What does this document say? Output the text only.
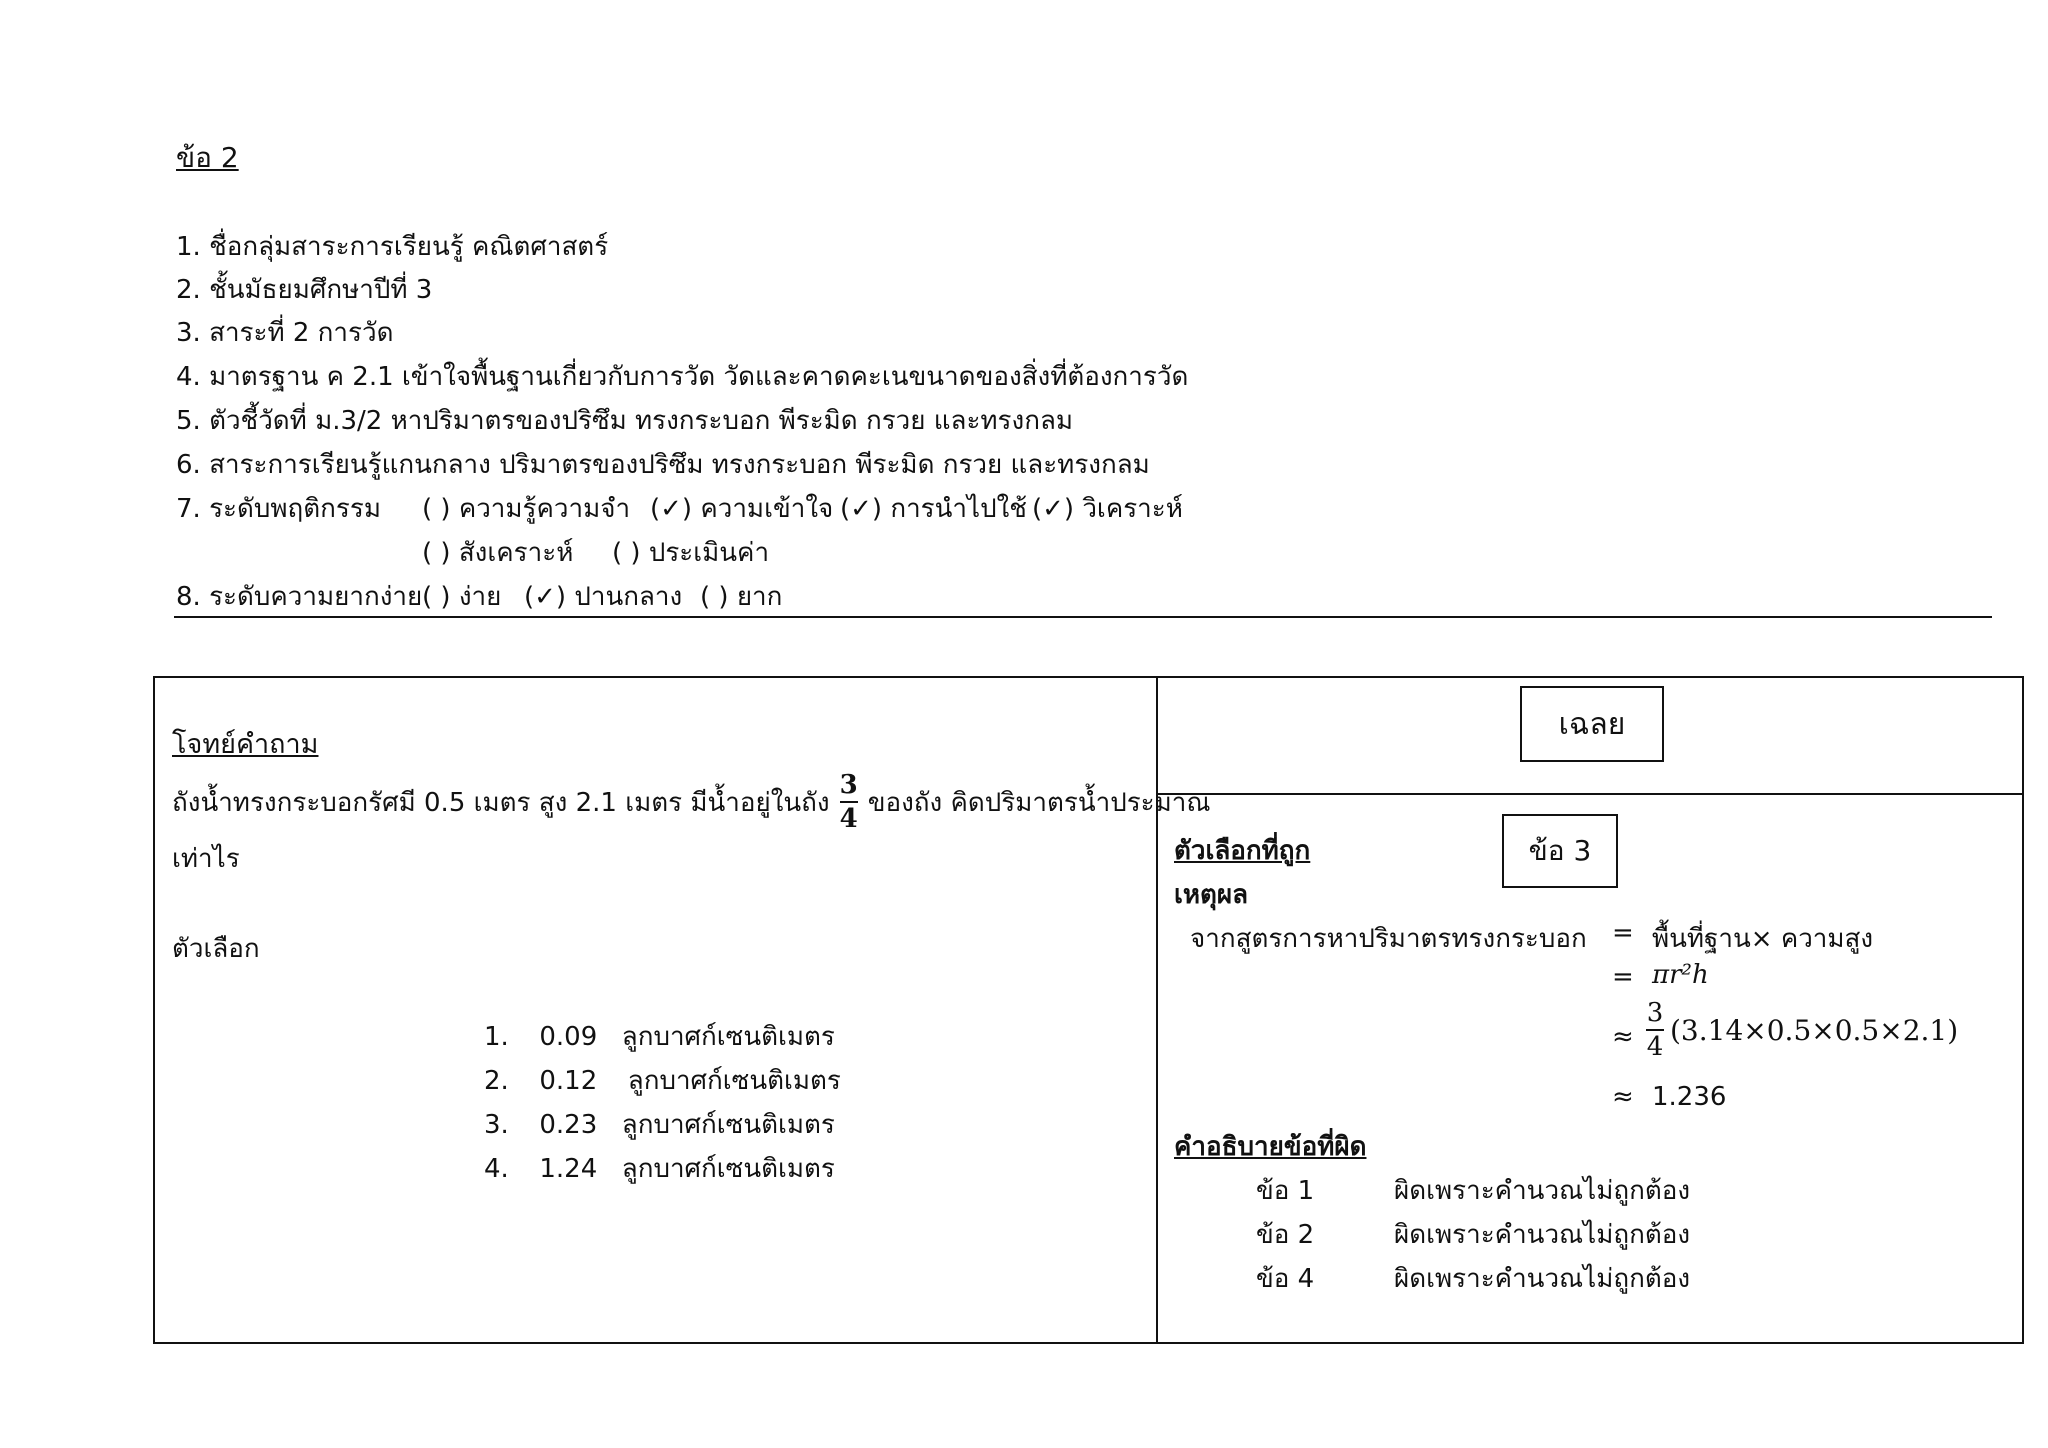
ข้อ 2
1. ชื่อกลุ่มสาระการเรียนรู้ คณิตศาสตร์
2. ชั้นมัธยมศึกษาปีที่ 3
3. สาระที่ 2 การวัด
4. มาตรฐาน ค 2.1 เข้าใจพื้นฐานเกี่ยวกับการวัด วัดและคาดคะเนขนาดของสิ่งที่ต้องการวัด
5. ตัวชี้วัดที่ ม.3/2 หาปริมาตรของปริซึม ทรงกระบอก พีระมิด กรวย และทรงกลม
6. สาระการเรียนรู้แกนกลาง ปริมาตรของปริซึม ทรงกระบอก พีระมิด กรวย และทรงกลม
7. ระดับพฤติกรรม ( ) ความรู้ความจำ (✓) ความเข้าใจ (✓) การนำไปใช้ (✓) วิเคราะห์
( ) สังเคราะห์ ( ) ประเมินค่า
8. ระดับความยากง่าย ( ) ง่าย (✓) ปานกลาง ( ) ยาก
โจทย์คำถาม
ถังน้ำทรงกระบอกรัศมี 0.5 เมตร สูง 2.1 เมตร มีน้ำอยู่ในถัง $\frac{3}{4}$ ของถัง คิดปริมาตรน้ำประมาณ
เท่าไร
ตัวเลือก
1. 0.09 ลูกบาศก์เซนติเมตร
2. 0.12 ลูกบาศก์เซนติเมตร
3. 0.23 ลูกบาศก์เซนติเมตร
4. 1.24 ลูกบาศก์เซนติเมตร
เฉลย
ตัวเลือกที่ถูก	ข้อ 3
เหตุผล
จากสูตรการหาปริมาตรทรงกระบอก = พื้นที่ฐาน× ความสูง
= πr²h
≈ $\frac{3}{4} (3.14\times 0.5\times 0.5\times 2.1)$
≈ 1.236
คำอธิบายข้อที่ผิด
ข้อ 1	ผิดเพราะคำนวณไม่ถูกต้อง
ข้อ 2	ผิดเพราะคำนวณไม่ถูกต้อง
ข้อ 4	ผิดเพราะคำนวณไม่ถูกต้อง
